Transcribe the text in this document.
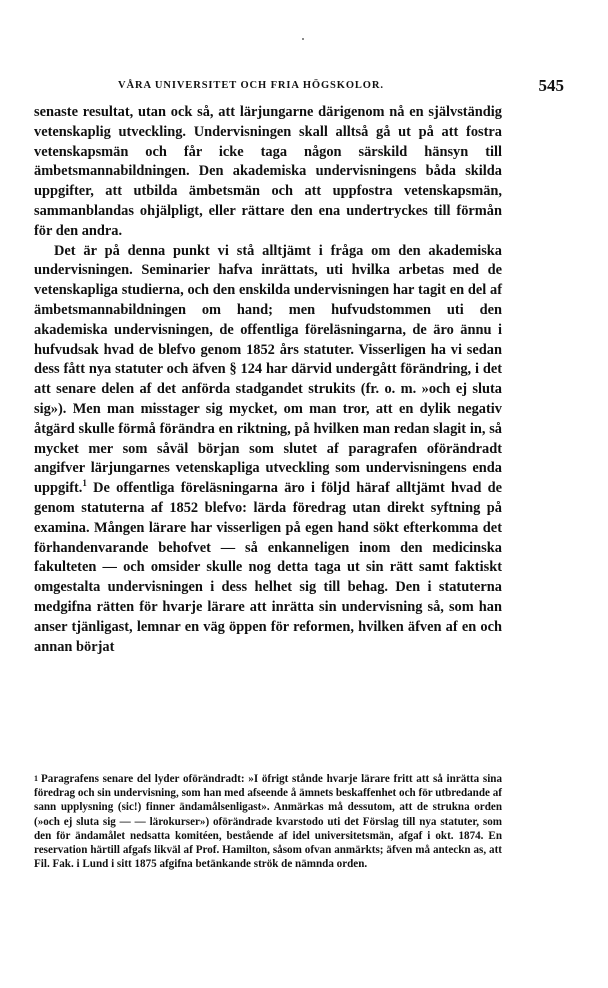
VÅRA UNIVERSITET OCH FRIA HÖGSKOLOR.	545

senaste resultat, utan ock så, att lärjungarne därigenom nå en självständig vetenskaplig utveckling. Undervisningen skall alltså gå ut på att fostra vetenskapsmän och får icke taga någon särskild hänsyn till ämbetsmannabildningen. Den akademiska undervisningens båda skilda uppgifter, att utbilda ämbetsmän och att uppfostra vetenskapsmän, sammanblandas ohjälpligt, eller rättare den ena undertryckes till förmån för den andra.

Det är på denna punkt vi stå alltjämt i fråga om den akademiska undervisningen. Seminarier hafva inrättats, uti hvilka arbetas med de vetenskapliga studierna, och den enskilda undervisningen har tagit en del af ämbetsmannabildningen om hand; men hufvudstommen uti den akademiska undervisningen, de offentliga föreläsningarna, de äro ännu i hufvudsak hvad de blefvo genom 1852 års statuter. Visserligen ha vi sedan dess fått nya statuter och äfven § 124 har därvid undergått förändring, i det att senare delen af det anförda stadgandet strukits (fr. o. m. »och ej sluta sig»). Men man misstager sig mycket, om man tror, att en dylik negativ åtgärd skulle förmå förändra en riktning, på hvilken man redan slagit in, så mycket mer som såväl början som slutet af paragrafen oförändradt angifver lärjungarnes vetenskapliga utveckling som undervisningens enda uppgift.$^1$ De offentliga föreläsningarna äro i följd häraf alltjämt hvad de genom statuterna af 1852 blefvo: lärda föredrag utan direkt syftning på examina. Mången lärare har visserligen på egen hand sökt efterkomma det förhandenvarande behofvet — så enkanneligen inom den medicinska fakulteten — och omsider skulle nog detta taga ut sin rätt samt faktiskt omgestalta undervisningen i dess helhet sig till behag. Den i statuterna medgifna rätten för hvarje lärare att inrätta sin undervisning så, som han anser tjänligast, lemnar en väg öppen för reformen, hvilken äfven af en och annan börjat

$^1$ Paragrafens senare del lyder oförändradt: »I öfrigt stånde hvarje lärare fritt att så inrätta sina föredrag och sin undervisning, som han med afseende å ämnets beskaffenhet och för utbredande af sann upplysning (sic!) finner ändamålsenligast». Anmärkas må dessutom, att de strukna orden (»och ej sluta sig — — lärokurser») oförändrade kvarstodo uti det Förslag till nya statuter, som den för ändamålet nedsatta komitéen, bestående af idel universitetsmän, afgaf i okt. 1874. En reservation härtill afgafs likväl af Prof. Hamilton, såsom ofvan anmärkts; äfven må anteckn as, att Fil. Fak. i Lund i sitt 1875 afgifna betänkande strök de nämnda orden.
